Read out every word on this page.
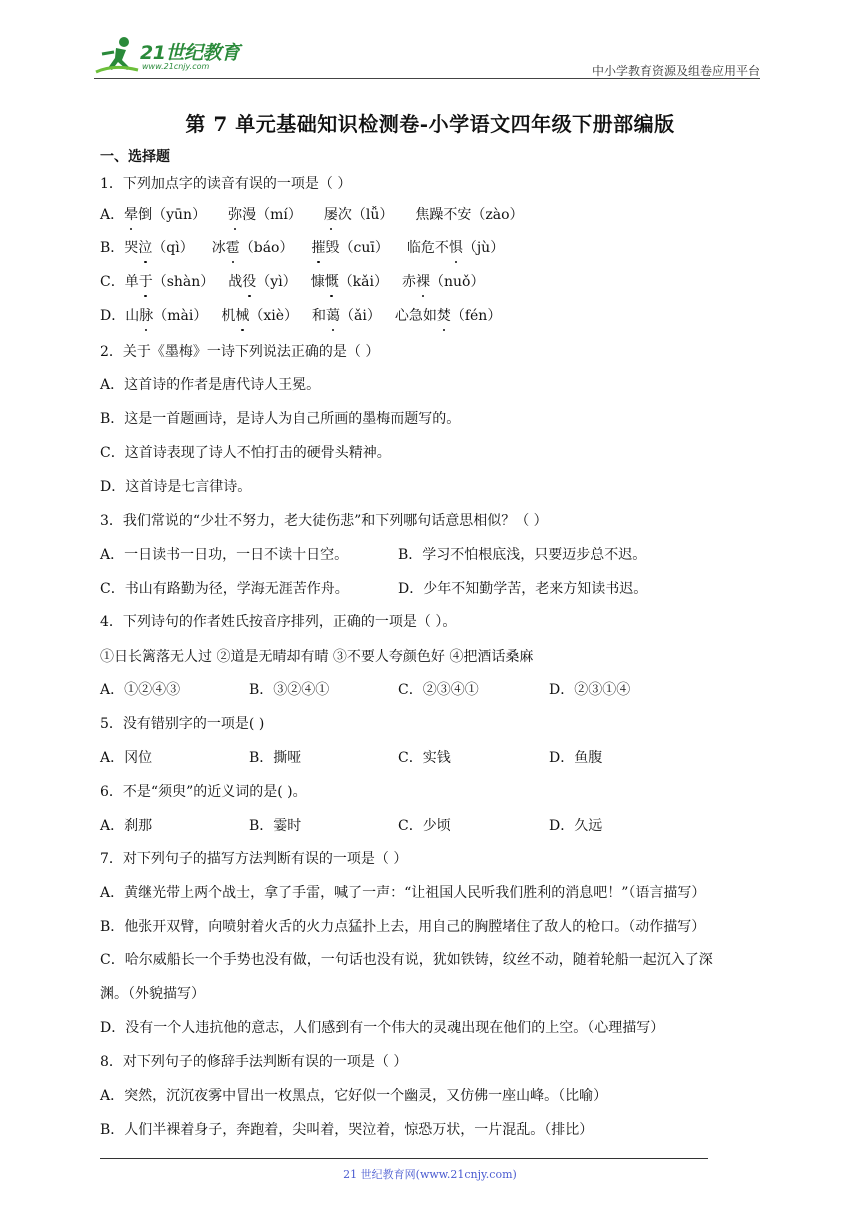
21世纪教育
www.21cnjy.com	中小学教育资源及组卷应用平台
第 7 单元基础知识检测卷-小学语文四年级下册部编版
一、选择题
1．下列加点字的读音有误的一项是（ ）
A．晕倒（yūn） 弥漫（mí） 屡次（lǚ） 焦躁不安（zào）
B．哭泣（qì） 冰雹（báo） 摧毁（cuī） 临危不惧（jù）
C．单于（shàn） 战役（yì） 慷慨（kǎi） 赤裸（nuǒ）
D．山脉（mài） 机械（xiè） 和蔼（ǎi） 心急如焚（fén）
2．关于《墨梅》一诗下列说法正确的是（ ）
A．这首诗的作者是唐代诗人王冕。
B．这是一首题画诗，是诗人为自己所画的墨梅而题写的。
C．这首诗表现了诗人不怕打击的硬骨头精神。
D．这首诗是七言律诗。
3．我们常说的“少壮不努力，老大徒伤悲”和下列哪句话意思相似？（ ）
A．一日读书一日功，一日不读十日空。	B．学习不怕根底浅，只要迈步总不迟。
C．书山有路勤为径，学海无涯苦作舟。	D．少年不知勤学苦，老来方知读书迟。
4．下列诗句的作者姓氏按音序排列，正确的一项是（ ）。
①日长篱落无人过 ②道是无晴却有晴 ③不要人夸颜色好 ④把酒话桑麻
A．①②④③	B．③②④①	C．②③④①	D．②③①④
5．没有错别字的一项是( )
A．冈位	B．撕哑	C．实钱	D．鱼腹
6．不是“须臾”的近义词的是( )。
A．刹那	B．霎时	C．少顷	D．久远
7．对下列句子的描写方法判断有误的一项是（ ）
A．黄继光带上两个战士，拿了手雷，喊了一声：“让祖国人民听我们胜利的消息吧！”（语言描写）
B．他张开双臂，向喷射着火舌的火力点猛扑上去，用自己的胸膛堵住了敌人的枪口。（动作描写）
C．哈尔威船长一个手势也没有做，一句话也没有说，犹如铁铸，纹丝不动，随着轮船一起沉入了深
渊。（外貌描写）
D．没有一个人违抗他的意志，人们感到有一个伟大的灵魂出现在他们的上空。（心理描写）
8．对下列句子的修辞手法判断有误的一项是（ ）
A．突然，沉沉夜雾中冒出一枚黑点，它好似一个幽灵，又仿佛一座山峰。（比喻）
B．人们半裸着身子，奔跑着，尖叫着，哭泣着，惊恐万状，一片混乱。（排比）
21 世纪教育网(www.21cnjy.com)
